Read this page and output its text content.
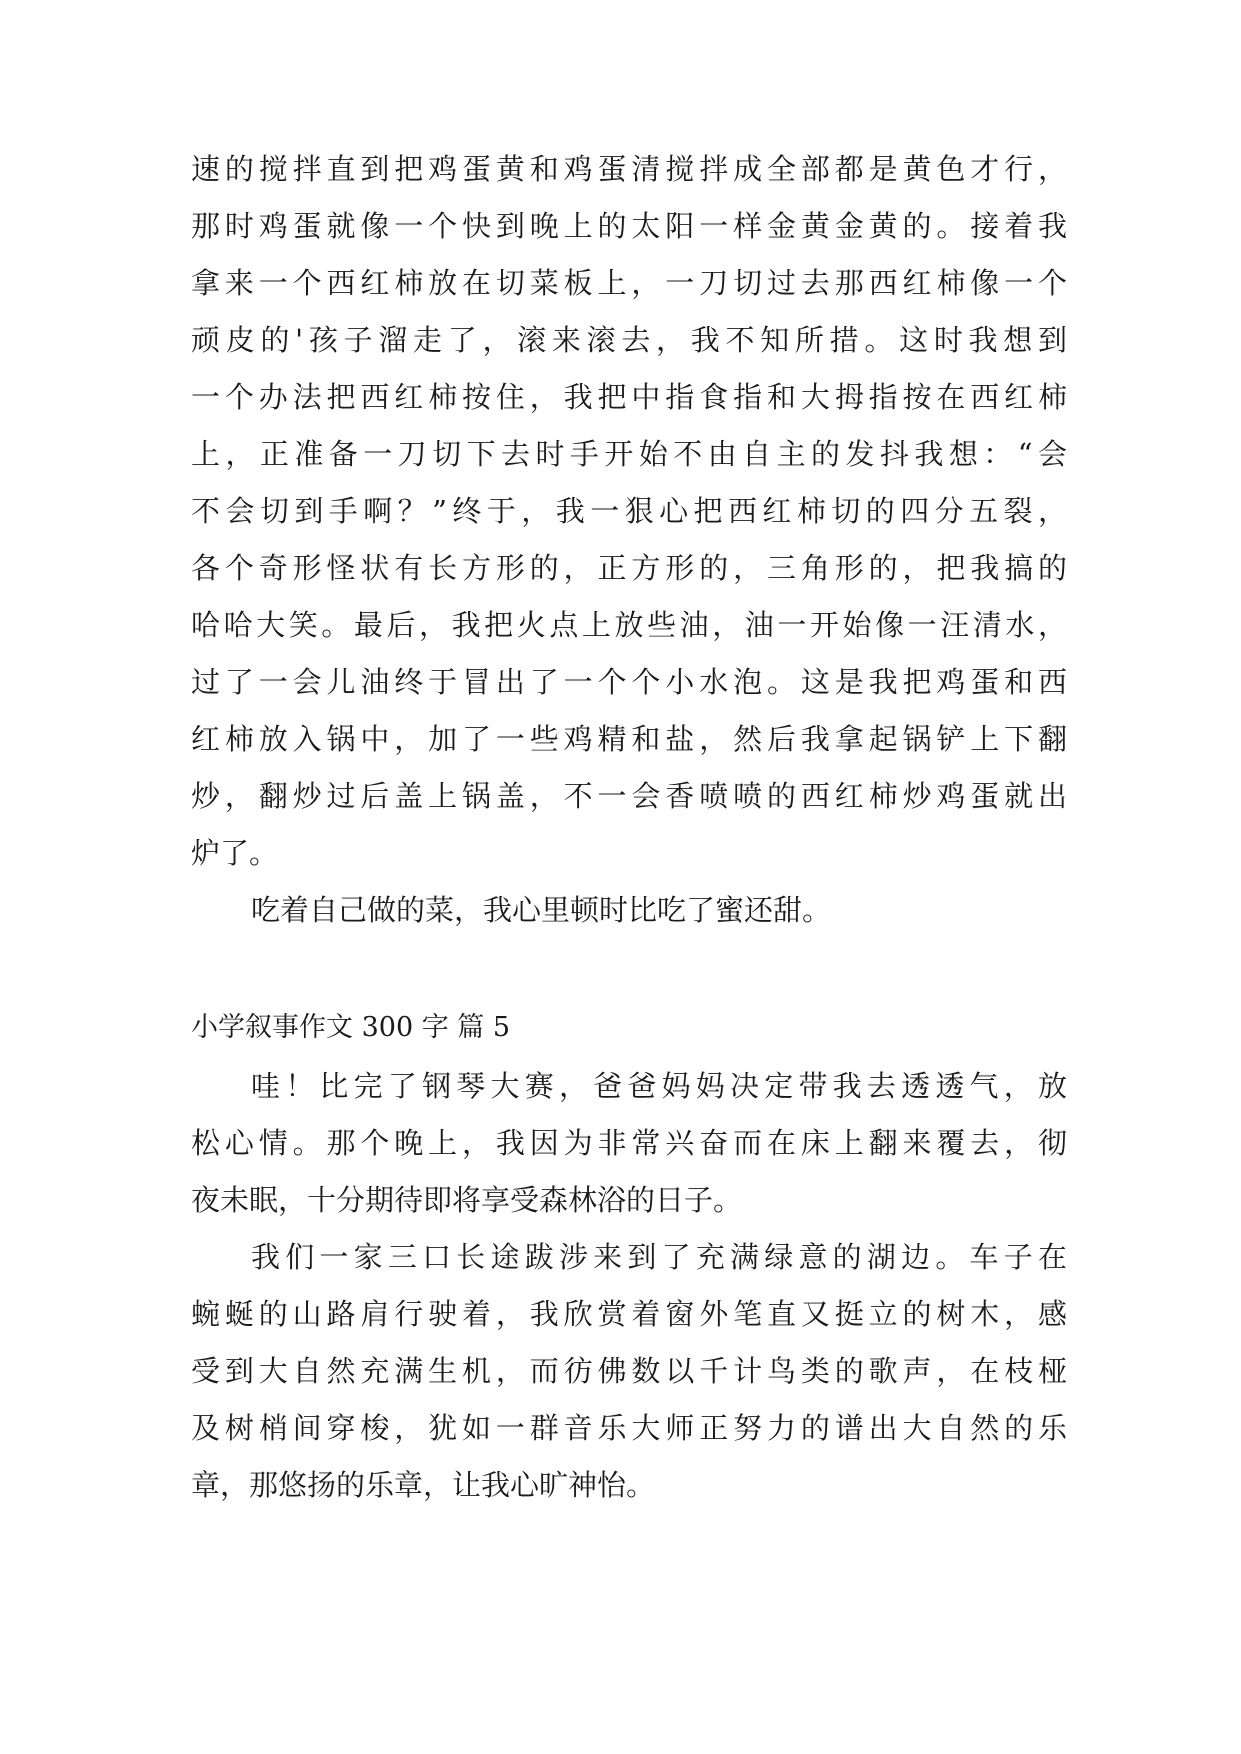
速的搅拌直到把鸡蛋黄和鸡蛋清搅拌成全部都是黄色才行，
那时鸡蛋就像一个快到晚上的太阳一样金黄金黄的。接着我
拿来一个西红柿放在切菜板上，一刀切过去那西红柿像一个
顽皮的'孩子溜走了，滚来滚去，我不知所措。这时我想到
一个办法把西红柿按住，我把中指食指和大拇指按在西红柿
上，正准备一刀切下去时手开始不由自主的发抖我想：“会
不会切到手啊？”终于，我一狠心把西红柿切的四分五裂，
各个奇形怪状有长方形的，正方形的，三角形的，把我搞的
哈哈大笑。最后，我把火点上放些油，油一开始像一汪清水，
过了一会儿油终于冒出了一个个小水泡。这是我把鸡蛋和西
红柿放入锅中，加了一些鸡精和盐，然后我拿起锅铲上下翻
炒，翻炒过后盖上锅盖，不一会香喷喷的西红柿炒鸡蛋就出
炉了。
吃着自己做的菜，我心里顿时比吃了蜜还甜。
小学叙事作文 300 字 篇 5
哇！比完了钢琴大赛，爸爸妈妈决定带我去透透气，放
松心情。那个晚上，我因为非常兴奋而在床上翻来覆去，彻
夜未眠，十分期待即将享受森林浴的日子。
我们一家三口长途跋涉来到了充满绿意的湖边。车子在
蜿蜒的山路肩行驶着，我欣赏着窗外笔直又挺立的树木，感
受到大自然充满生机，而彷佛数以千计鸟类的歌声，在枝桠
及树梢间穿梭，犹如一群音乐大师正努力的谱出大自然的乐
章，那悠扬的乐章，让我心旷神怡。
